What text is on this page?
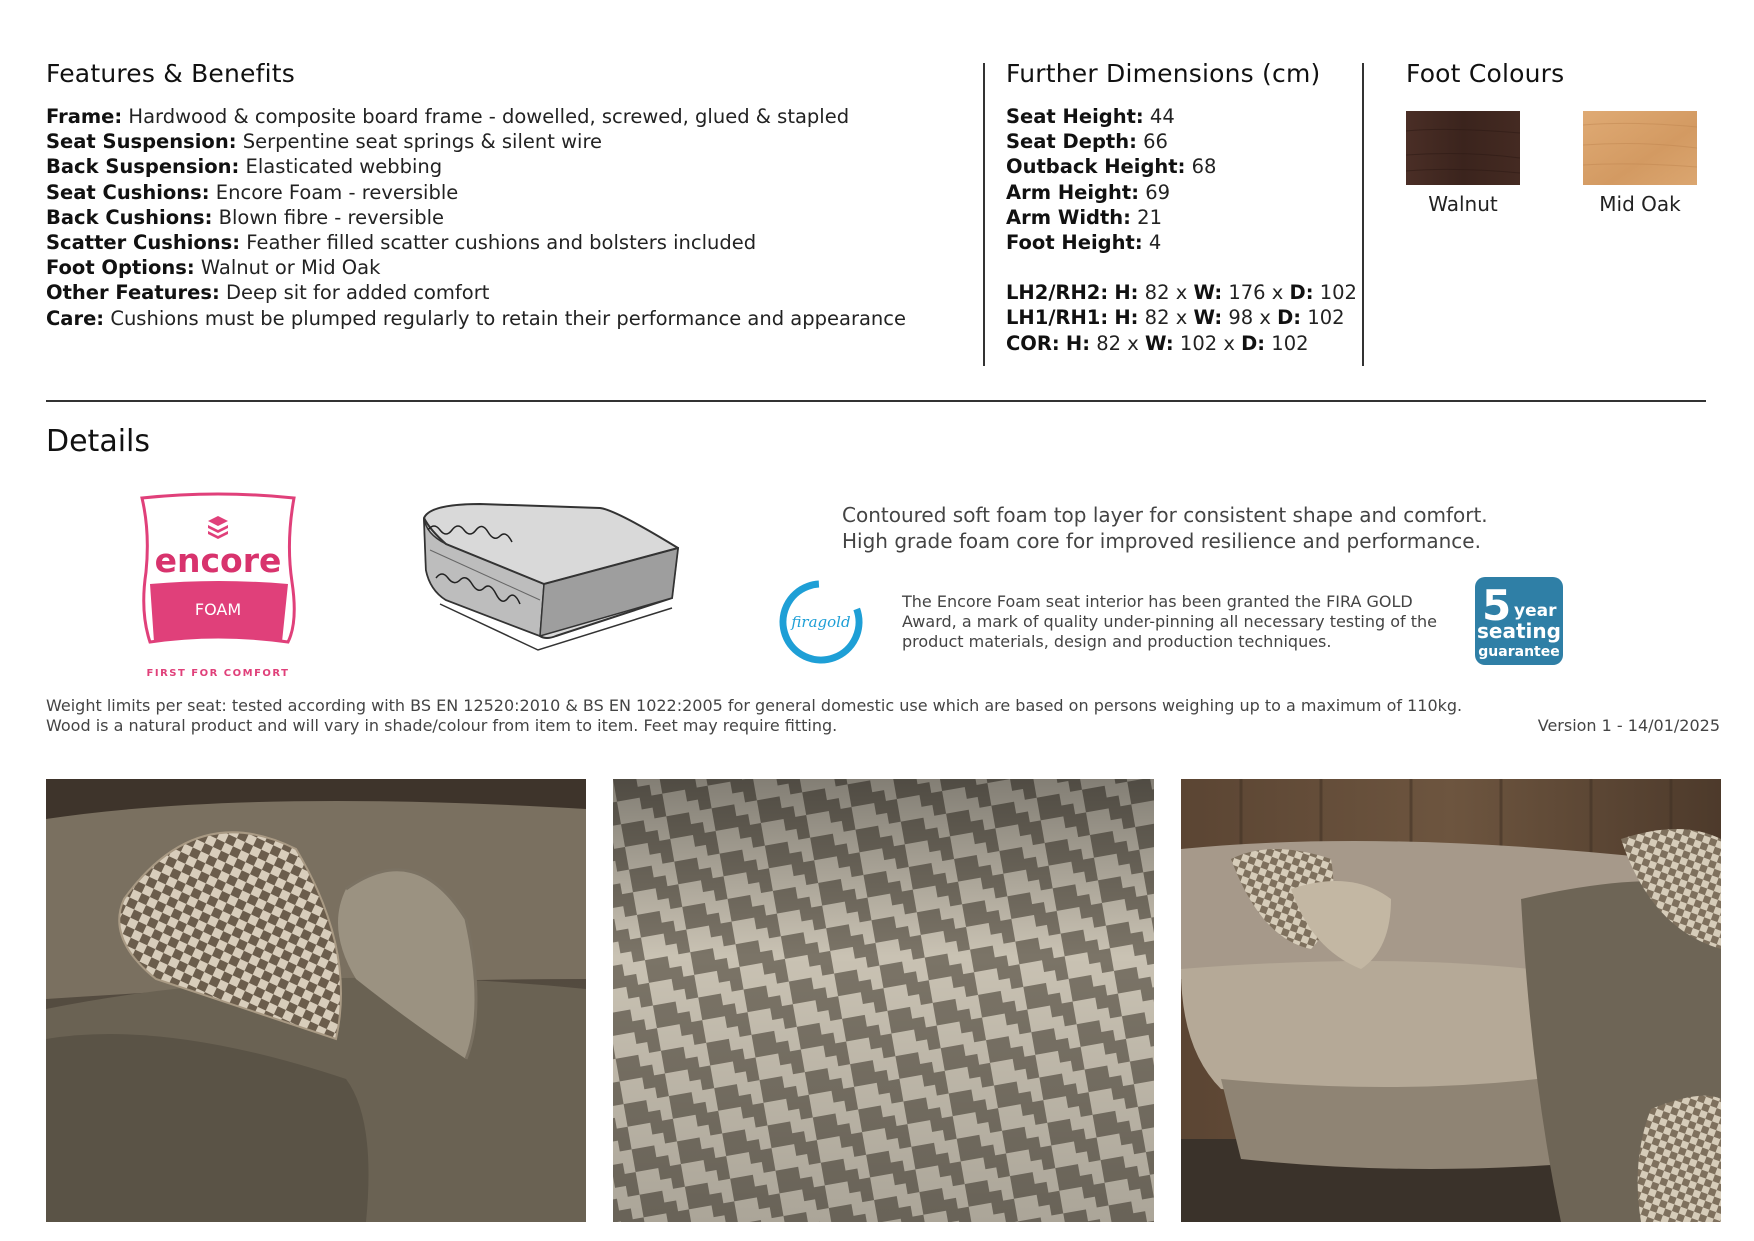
Features & Benefits
Frame: Hardwood & composite board frame - dowelled, screwed, glued & stapled
Seat Suspension: Serpentine seat springs & silent wire
Back Suspension: Elasticated webbing
Seat Cushions: Encore Foam - reversible
Back Cushions: Blown fibre - reversible
Scatter Cushions: Feather filled scatter cushions and bolsters included
Foot Options: Walnut or Mid Oak
Other Features: Deep sit for added comfort
Care: Cushions must be plumped regularly to retain their performance and appearance
Further Dimensions (cm)
Seat Height: 44
Seat Depth: 66
Outback Height: 68
Arm Height: 69
Arm Width: 21
Foot Height: 4
LH2/RH2: H: 82 x W: 176 x D: 102
LH1/RH1: H: 82 x W: 98 x D: 102
COR: H: 82 x W: 102 x D: 102
Foot Colours
Walnut	Mid Oak
Details
encore
FOAM
FIRST FOR COMFORT
Contoured soft foam top layer for consistent shape and comfort.
High grade foam core for improved resilience and performance.
firagold
The Encore Foam seat interior has been granted the FIRA GOLD Award, a mark of quality under-pinning all necessary testing of the product materials, design and production techniques.
5 year
seating
guarantee
Weight limits per seat: tested according with BS EN 12520:2010 & BS EN 1022:2005 for general domestic use which are based on persons weighing up to a maximum of 110kg.
Wood is a natural product and will vary in shade/colour from item to item. Feet may require fitting.	Version 1 - 14/01/2025
